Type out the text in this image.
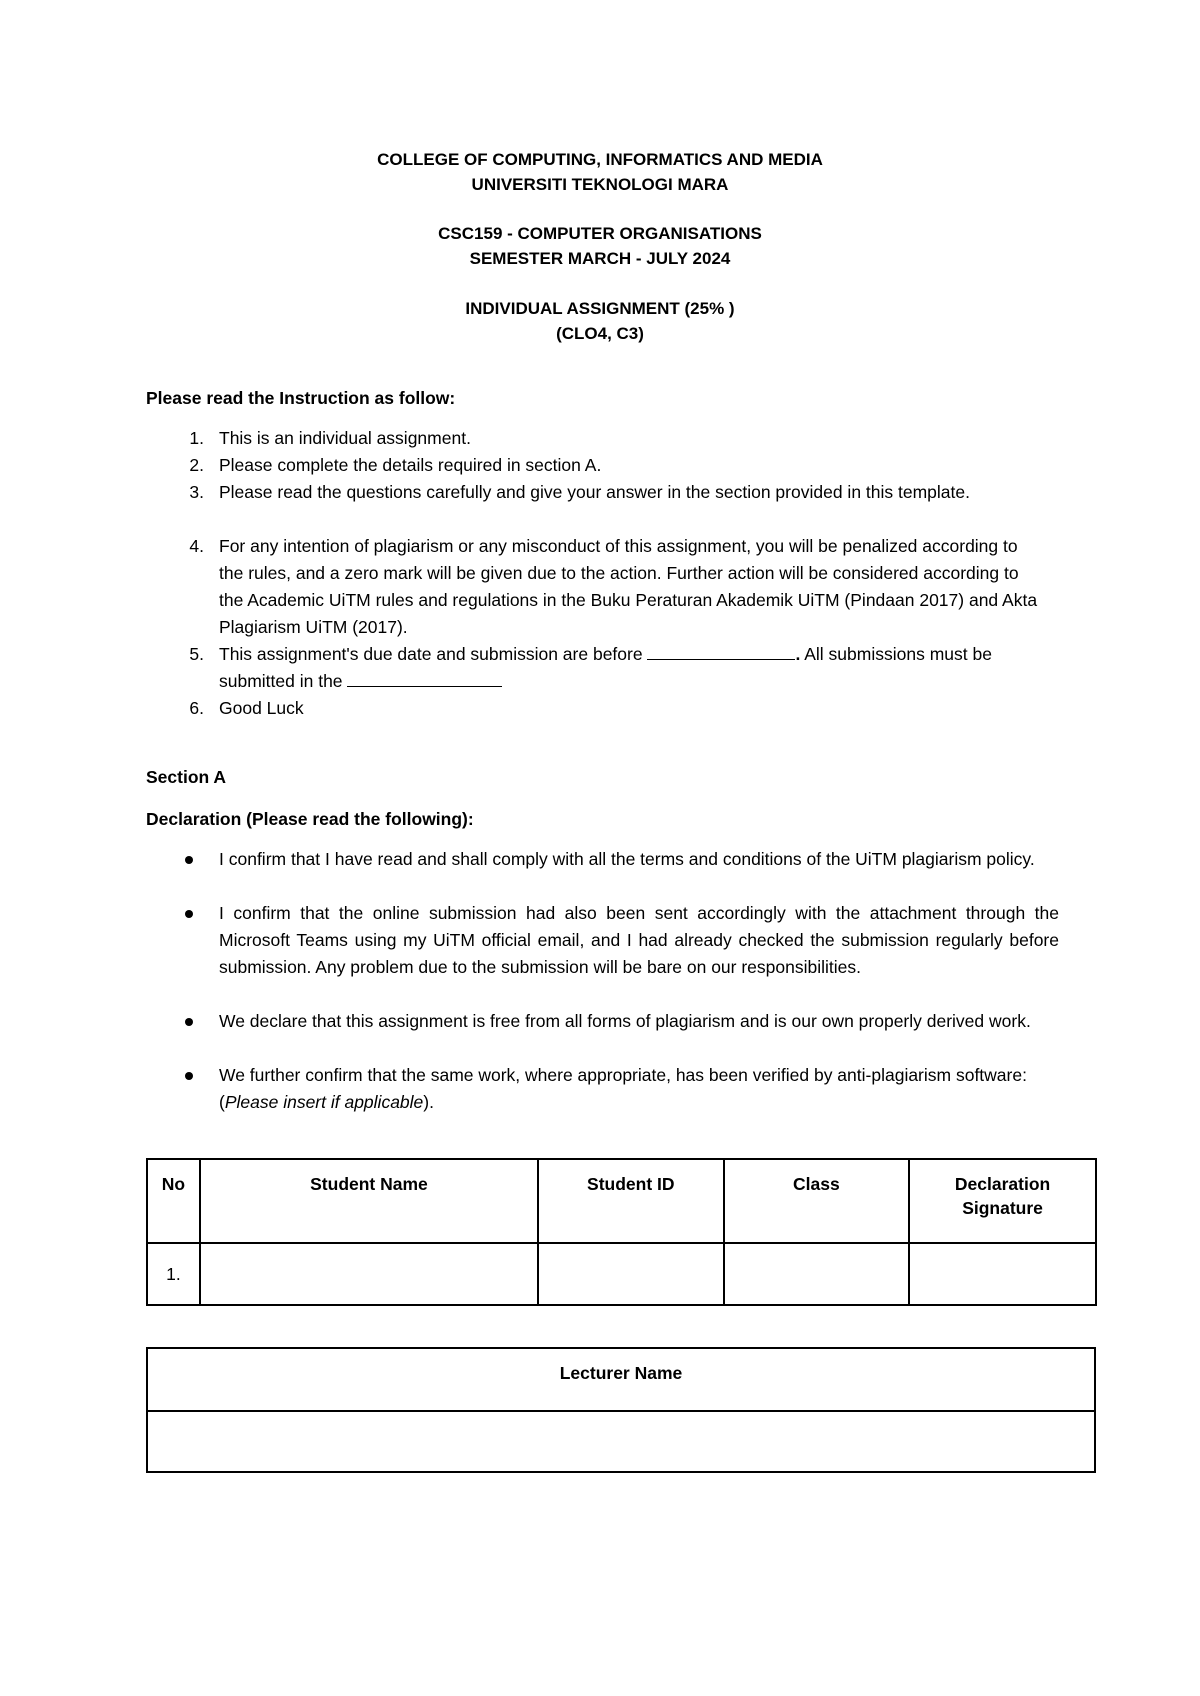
COLLEGE OF COMPUTING, INFORMATICS AND MEDIA
UNIVERSITI TEKNOLOGI MARA
CSC159 - COMPUTER ORGANISATIONS
SEMESTER MARCH - JULY 2024
INDIVIDUAL ASSIGNMENT (25% )
(CLO4, C3)
Please read the Instruction as follow:
1. This is an individual assignment.
2. Please complete the details required in section A.
3. Please read the questions carefully and give your answer in the section provided in this template.
4. For any intention of plagiarism or any misconduct of this assignment, you will be penalized according to the rules, and a zero mark will be given due to the action. Further action will be considered according to the Academic UiTM rules and regulations in the Buku Peraturan Akademik UiTM (Pindaan 2017) and Akta Plagiarism UiTM (2017).
5. This assignment's due date and submission are before	. All submissions must be submitted in the
6. Good Luck
Section A
Declaration (Please read the following):
I confirm that I have read and shall comply with all the terms and conditions of the UiTM plagiarism policy.
I confirm that the online submission had also been sent accordingly with the attachment through the Microsoft Teams using my UiTM official email, and I had already checked the submission regularly before submission. Any problem due to the submission will be bare on our responsibilities.
We declare that this assignment is free from all forms of plagiarism and is our own properly derived work.
We further confirm that the same work, where appropriate, has been verified by anti-plagiarism software: (Please insert if applicable).
No	Student Name	Student ID	Class	Declaration Signature
1.				
Lecturer Name
